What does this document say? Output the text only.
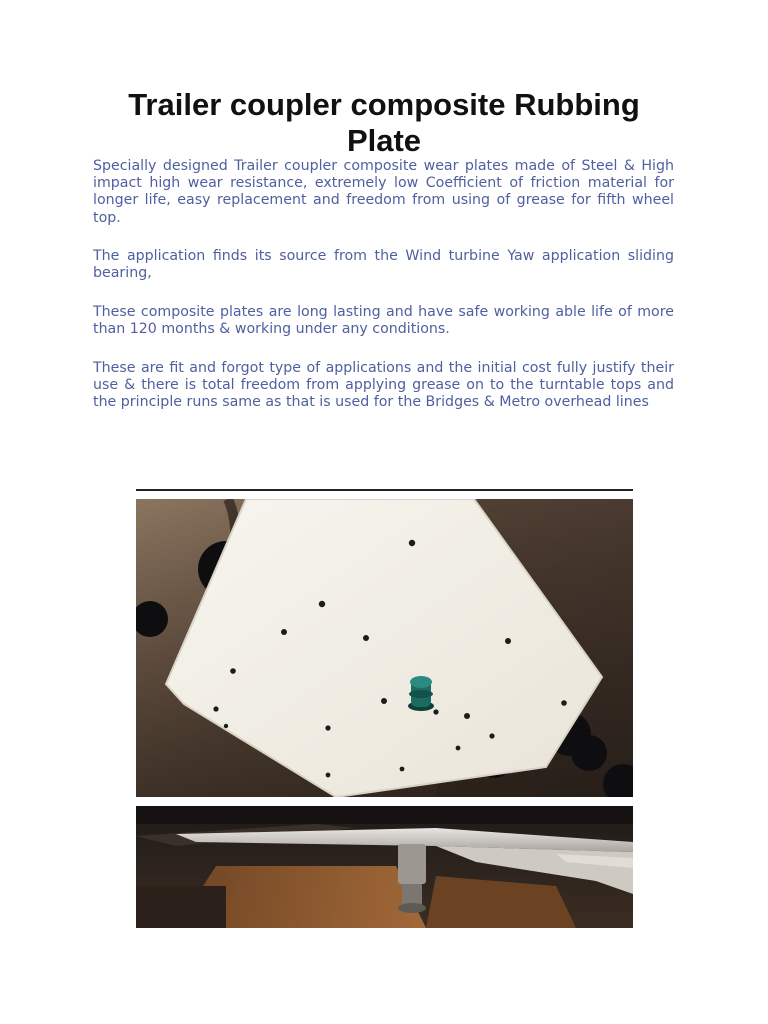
Trailer coupler composite Rubbing Plate

Specially designed Trailer coupler composite wear plates made of Steel & High impact high wear resistance, extremely low Coefficient of friction material for longer life, easy replacement and freedom from using of grease for fifth wheel top.

The application finds its source from the Wind turbine Yaw application sliding bearing,

These composite plates are long lasting and have safe working able life of more than 120 months & working under any conditions.

These are fit and forgot type of applications and the initial cost fully justify their use & there is total freedom from applying grease on to the turntable tops and the principle runs same as that is used for the Bridges & Metro overhead lines
